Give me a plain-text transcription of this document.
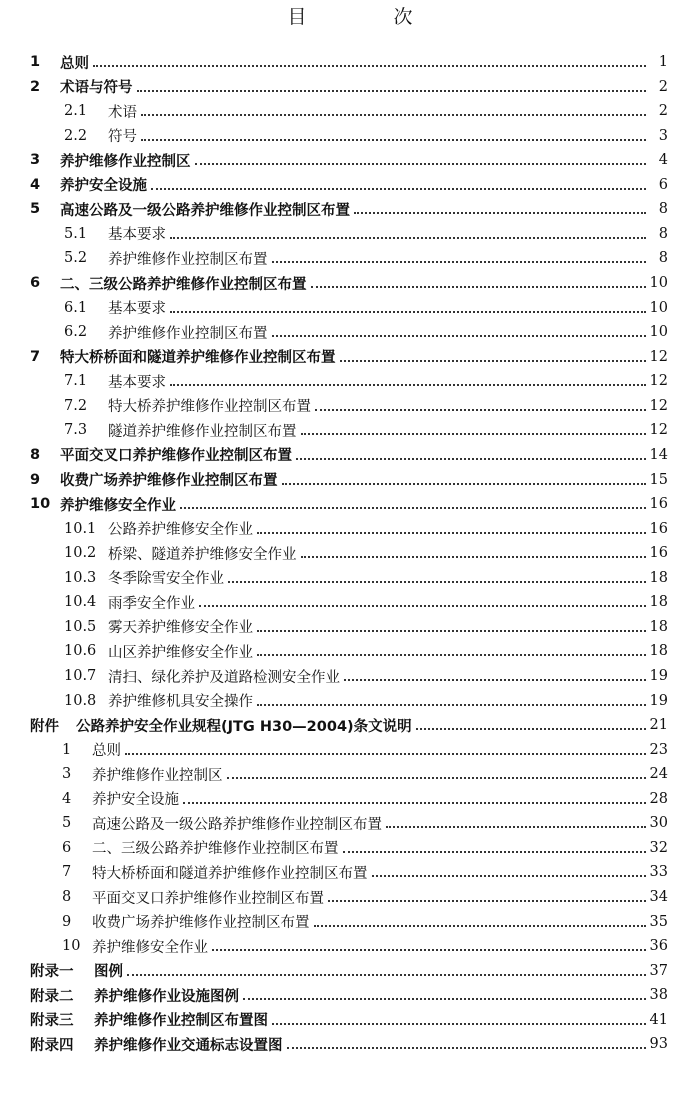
目　次
1	总则	1
2	术语与符号	2
2.1	术语	2
2.2	符号	3
3	养护维修作业控制区	4
4	养护安全设施	6
5	高速公路及一级公路养护维修作业控制区布置	8
5.1	基本要求	8
5.2	养护维修作业控制区布置	8
6	二、三级公路养护维修作业控制区布置	10
6.1	基本要求	10
6.2	养护维修作业控制区布置	10
7	特大桥桥面和隧道养护维修作业控制区布置	12
7.1	基本要求	12
7.2	特大桥养护维修作业控制区布置	12
7.3	隧道养护维修作业控制区布置	12
8	平面交叉口养护维修作业控制区布置	14
9	收费广场养护维修作业控制区布置	15
10 养护维修安全作业	16
10.1 公路养护维修安全作业	16
10.2 桥梁、隧道养护维修安全作业	16
10.3 冬季除雪安全作业	18
10.4 雨季安全作业	18
10.5 雾天养护维修安全作业	18
10.6 山区养护维修安全作业	18
10.7 清扫、绿化养护及道路检测安全作业	19
10.8 养护维修机具安全操作	19
附件	公路养护安全作业规程(JTG H30—2004)条文说明	21
1	总则	23
3	养护维修作业控制区	24
4	养护安全设施	28
5	高速公路及一级公路养护维修作业控制区布置	30
6	二、三级公路养护维修作业控制区布置	32
7	特大桥桥面和隧道养护维修作业控制区布置	33
8	平面交叉口养护维修作业控制区布置	34
9	收费广场养护维修作业控制区布置	35
10 养护维修安全作业	36
附录一	图例	37
附录二	养护维修作业设施图例	38
附录三	养护维修作业控制区布置图	41
附录四	养护维修作业交通标志设置图	93
